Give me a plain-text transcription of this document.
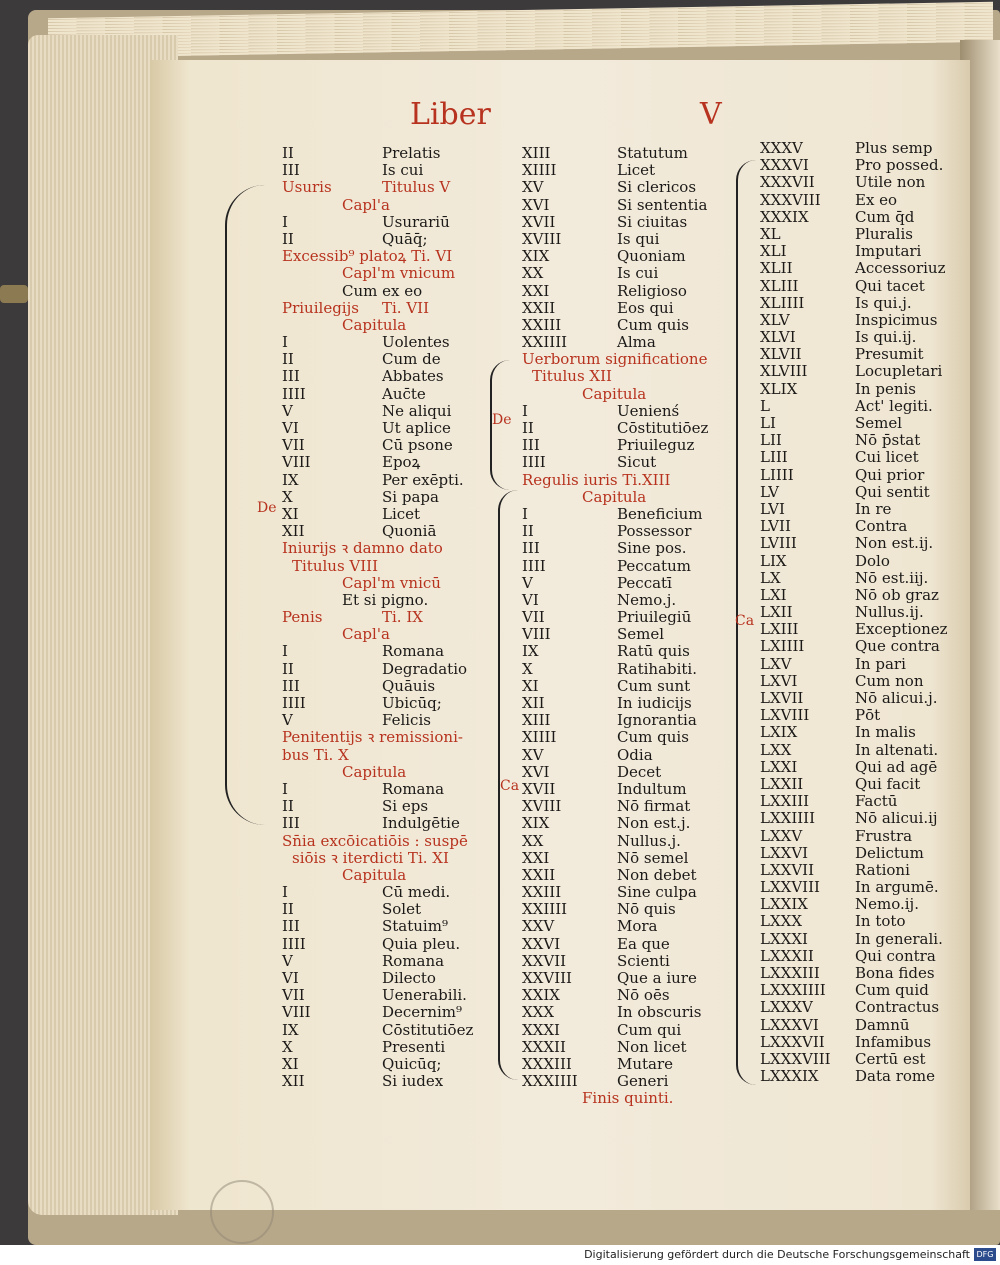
Liber	V
II	Prelatis
III	Is cui
Usuris	Titulus V
Capl'a
I	Usurariū
II	Quāq̄;
Excessib⁹ platoꝝ Ti. VI
Capl'm vnicum
Cum ex eo
Priuilegijs Ti. VII
Capitula
I	Uolentes
II	Cum de
III	Abbates
IIII	Auc̄te
V	Ne aliqui
VI	Ut aplice
VII	Cū psone
VIII	Epoꝝ
IX	Per exēpti.
X	Si papa
XI	Licet
XII	Quoniā
Iniurijs ꝛ damno dato
Titulus VIII
Capl'm vnicū
Et si pigno.
Penis	Ti. IX
Capl'a
I	Romana
II	Degradatio
III	Quāuis
IIII	Ubicūq;
V	Felicis
Penitentijs ꝛ remissioni-
bus Ti. X
Capitula
I	Romana
II	Si eps
III	Indulgētie
Sn̄ia excōicatiōis : suspē
siōis ꝛ iterdicti Ti. XI
Capitula
I	Cū medi.
II	Solet
III	Statuim⁹
IIII	Quia pleu.
V	Romana
VI	Dilecto
VII	Uenerabili.
VIII	Decernim⁹
IX	Cōstitutiōez
X	Presenti
XI	Quicūq;
XII	Si iudex
XIII	Statutum
XIIII	Licet
XV	Si clericos
XVI	Si sententia
XVII	Si ciuitas
XVIII	Is qui
XIX	Quoniam
XX	Is cui
XXI	Religioso
XXII	Eos qui
XXIII	Cum quis
XXIIII	Alma
Uerborum significatione
Titulus XII
Capitula
I	Uenienś
II	Cōstitutiōez
III	Priuileguz
IIII	Sicut
Regulis iuris Ti.XIII
Capitula
I	Beneficium
II	Possessor
III	Sine pos.
IIII	Peccatum
V	Peccatī
VI	Nemo.j.
VII	Priuilegiū
VIII	Semel
IX	Ratū quis
X	Ratihabiti.
XI	Cum sunt
XII	In iudicijs
XIII	Ignorantia
XIIII	Cum quis
XV	Odia
XVI	Decet
XVII	Indultum
XVIII	Nō firmat
XIX	Non est.j.
XX	Nullus.j.
XXI	Nō semel
XXII	Non debet
XXIII	Sine culpa
XXIIII	Nō quis
XXV	Mora
XXVI	Ea que
XXVII	Scienti
XXVIII	Que a iure
XXIX	Nō oēs
XXX	In obscuris
XXXI	Cum qui
XXXII	Non licet
XXXIII	Mutare
XXXIIII	Generi
Finis quinti.
XXXV	Plus semp
XXXVI	Pro possed.
XXXVII	Utile non
XXXVIII Ex eo
XXXIX	Cum q̄d
XL	Pluralis
XLI	Imputari
XLII	Accessoriuz
XLIII	Qui tacet
XLIIII	Is qui.j.
XLV	Inspicimus
XLVI	Is qui.ij.
XLVII	Presumit
XLVIII	Locupletari
XLIX	In penis
L	Act' legiti.
LI	Semel
LII	Nō p̄stat
LIII	Cui licet
LIIII	Qui prior
LV	Qui sentit
LVI	In re
LVII	Contra
LVIII	Non est.ij.
LIX	Dolo
LX	Nō est.iij.
LXI	Nō ob graz
LXII	Nullus.ij.
LXIII	Exceptionez
LXIIII	Que contra
LXV	In pari
LXVI	Cum non
LXVII	Nō alicui.j.
LXVIII	Pōt
LXIX	In malis
LXX	In altenati.
LXXI	Qui ad agē
LXXII	Qui facit
LXXIII	Factū
LXXIIII	Nō alicui.ij
LXXV	Frustra
LXXVI	Delictum
LXXVII	Rationi
LXXVIII In argumē.
LXXIX	Nemo.ij.
LXXX	In toto
LXXXI	In generali.
LXXXII	Qui contra
LXXXIII Bona fides
LXXXIIII Cum quid
LXXXV	Contractus
LXXXVI Damnū
LXXXVII Infamibus
LXXXVIII Certū est
LXXXIX Data rome
De
De
Ca
Ca
Digitalisierung gefördert durch die Deutsche Forschungsgemeinschaft DFG
